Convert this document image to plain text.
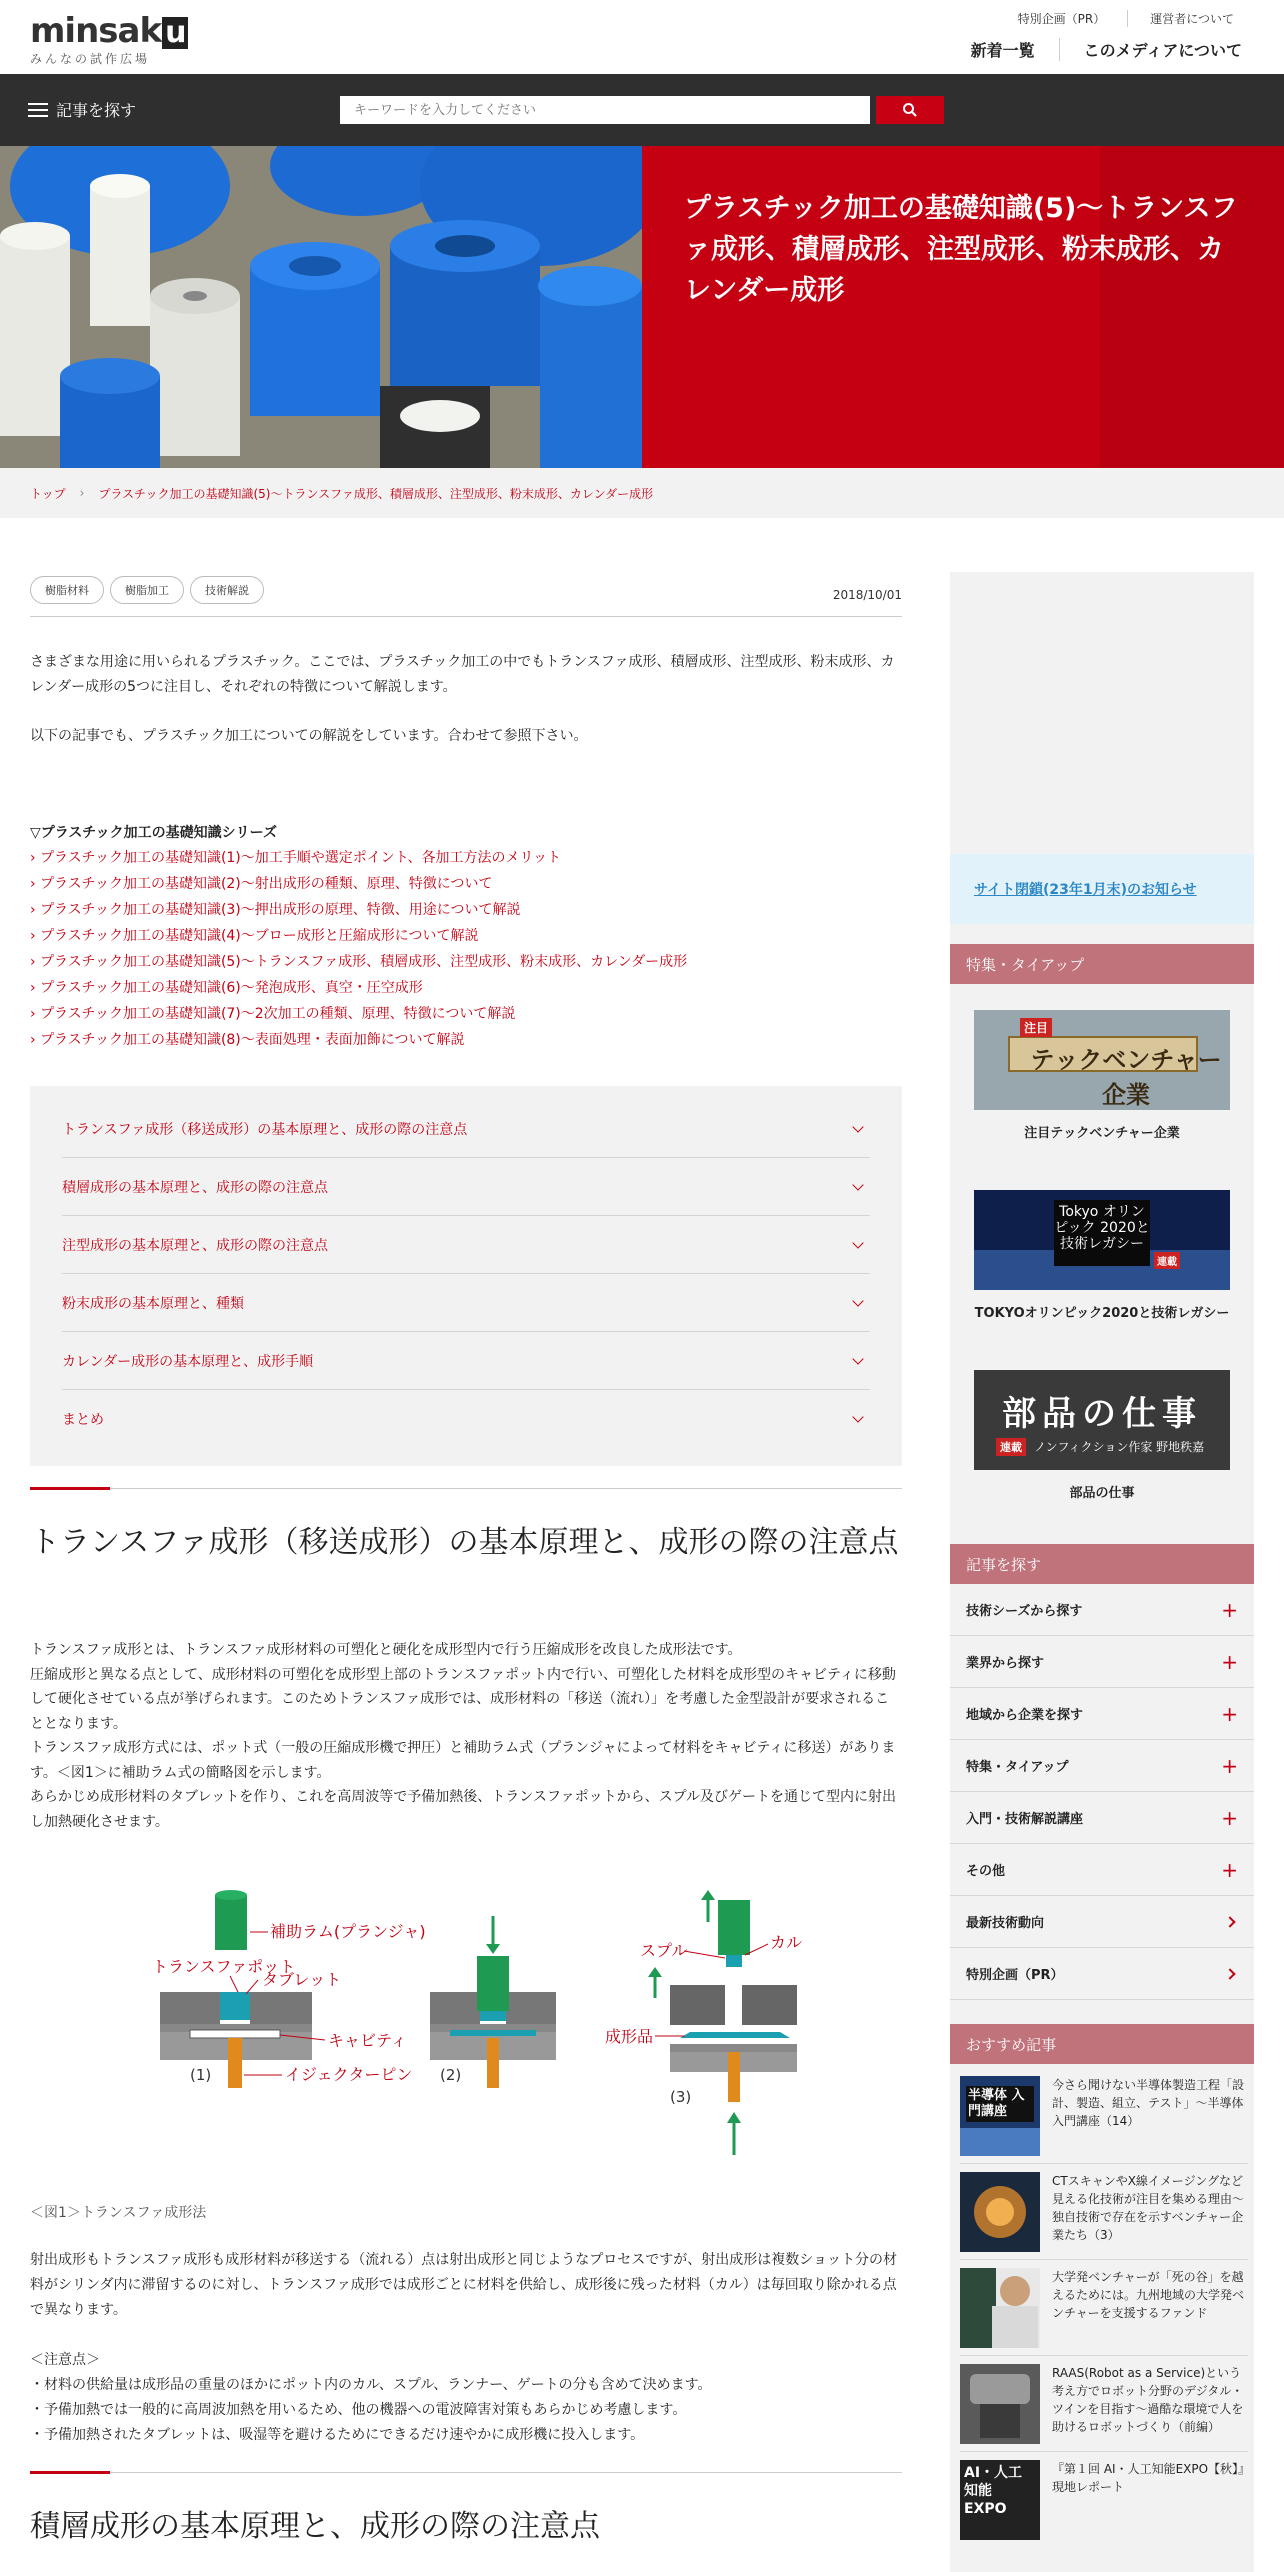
minsak u
みんなの試作広場
特別企画（PR）	運営者について
新着一覧	このメディアについて
記事を探す
キーワードを入力してください
プラスチック加工の基礎知識(5)～トランスファ成形、積層成形、注型成形、粉末成形、カレンダー成形
トップ › プラスチック加工の基礎知識(5)～トランスファ成形、積層成形、注型成形、粉末成形、カレンダー成形
樹脂材料	樹脂加工	技術解説	2018/10/01
さまざまな用途に用いられるプラスチック。ここでは、プラスチック加工の中でもトランスファ成形、積層成形、注型成形、粉末成形、カレンダー成形の5つに注目し、それぞれの特徴について解説します。
以下の記事でも、プラスチック加工についての解説をしています。合わせて参照下さい。
▽プラスチック加工の基礎知識シリーズ
› プラスチック加工の基礎知識(1)～加工手順や選定ポイント、各加工方法のメリット
› プラスチック加工の基礎知識(2)～射出成形の種類、原理、特徴について
› プラスチック加工の基礎知識(3)～押出成形の原理、特徴、用途について解説
› プラスチック加工の基礎知識(4)～ブロー成形と圧縮成形について解説
› プラスチック加工の基礎知識(5)～トランスファ成形、積層成形、注型成形、粉末成形、カレンダー成形
› プラスチック加工の基礎知識(6)～発泡成形、真空・圧空成形
› プラスチック加工の基礎知識(7)～2次加工の種類、原理、特徴について解説
› プラスチック加工の基礎知識(8)〜表面処理・表面加飾について解説
トランスファ成形（移送成形）の基本原理と、成形の際の注意点
積層成形の基本原理と、成形の際の注意点
注型成形の基本原理と、成形の際の注意点
粉末成形の基本原理と、種類
カレンダー成形の基本原理と、成形手順
まとめ
トランスファ成形（移送成形）の基本原理と、成形の際の注意点
トランスファ成形とは、トランスファ成形材料の可塑化と硬化を成形型内で行う圧縮成形を改良した成形法です。
圧縮成形と異なる点として、成形材料の可塑化を成形型上部のトランスファポット内で行い、可塑化した材料を成形型のキャビティに移動して硬化させている点が挙げられます。このためトランスファ成形では、成形材料の「移送（流れ）」を考慮した金型設計が要求されることとなります。
トランスファ成形方式には、ポット式（一般の圧縮成形機で押圧）と補助ラム式（プランジャによって材料をキャビティに移送）があります。＜図1＞に補助ラム式の簡略図を示します。
あらかじめ成形材料のタブレットを作り、これを高周波等で予備加熱後、トランスファポットから、スプル及びゲートを通じて型内に射出し加熱硬化させます。
補助ラム(プランジャ)
トランスファポット
タブレット
キャビティ
イジェクターピン
(1)	(2)
スプル	カル
成形品
(3)
＜図1＞トランスファ成形法
射出成形もトランスファ成形も成形材料が移送する（流れる）点は射出成形と同じようなプロセスですが、射出成形は複数ショット分の材料がシリンダ内に滞留するのに対し、トランスファ成形では成形ごとに材料を供給し、成形後に残った材料（カル）は毎回取り除かれる点で異なります。
＜注意点＞
・材料の供給量は成形品の重量のほかにポット内のカル、スプル、ランナー、ゲートの分も含めて決めます。
・予備加熱では一般的に高周波加熱を用いるため、他の機器への電波障害対策もあらかじめ考慮します。
・予備加熱されたタブレットは、吸湿等を避けるためにできるだけ速やかに成形機に投入します。
積層成形の基本原理と、成形の際の注意点
サイト閉鎖(23年1月末)のお知らせ
特集・タイアップ
テックベンチャー企業
注目
注目テックベンチャー企業
Tokyo オリンピック 2020と 技術レガシー
連載
TOKYOオリンピック2020と技術レガシー
部品の仕事
連載	ノンフィクション作家 野地秩嘉
部品の仕事
記事を探す
技術シーズから探す	+
業界から探す	+
地域から企業を探す	+
特集・タイアップ	+
入門・技術解説講座	+
その他	+
最新技術動向
特別企画（PR）
おすすめ記事
半導体 入門講座
今さら聞けない半導体製造工程「設計、製造、組立、テスト」〜半導体入門講座（14）
CTスキャンやX線イメージングなど見える化技術が注目を集める理由〜独自技術で存在を示すベンチャー企業たち（3）
大学発ベンチャーが「死の谷」を越えるためには。九州地域の大学発ベンチャーを支援するファンド
RAAS(Robot as a Service)という考え方でロボット分野のデジタル・ツインを目指す〜過酷な環境で人を助けるロボットづくり（前編）
AI・人工知能 EXPO
『第１回 AI・人工知能EXPO【秋】』現地レポート
